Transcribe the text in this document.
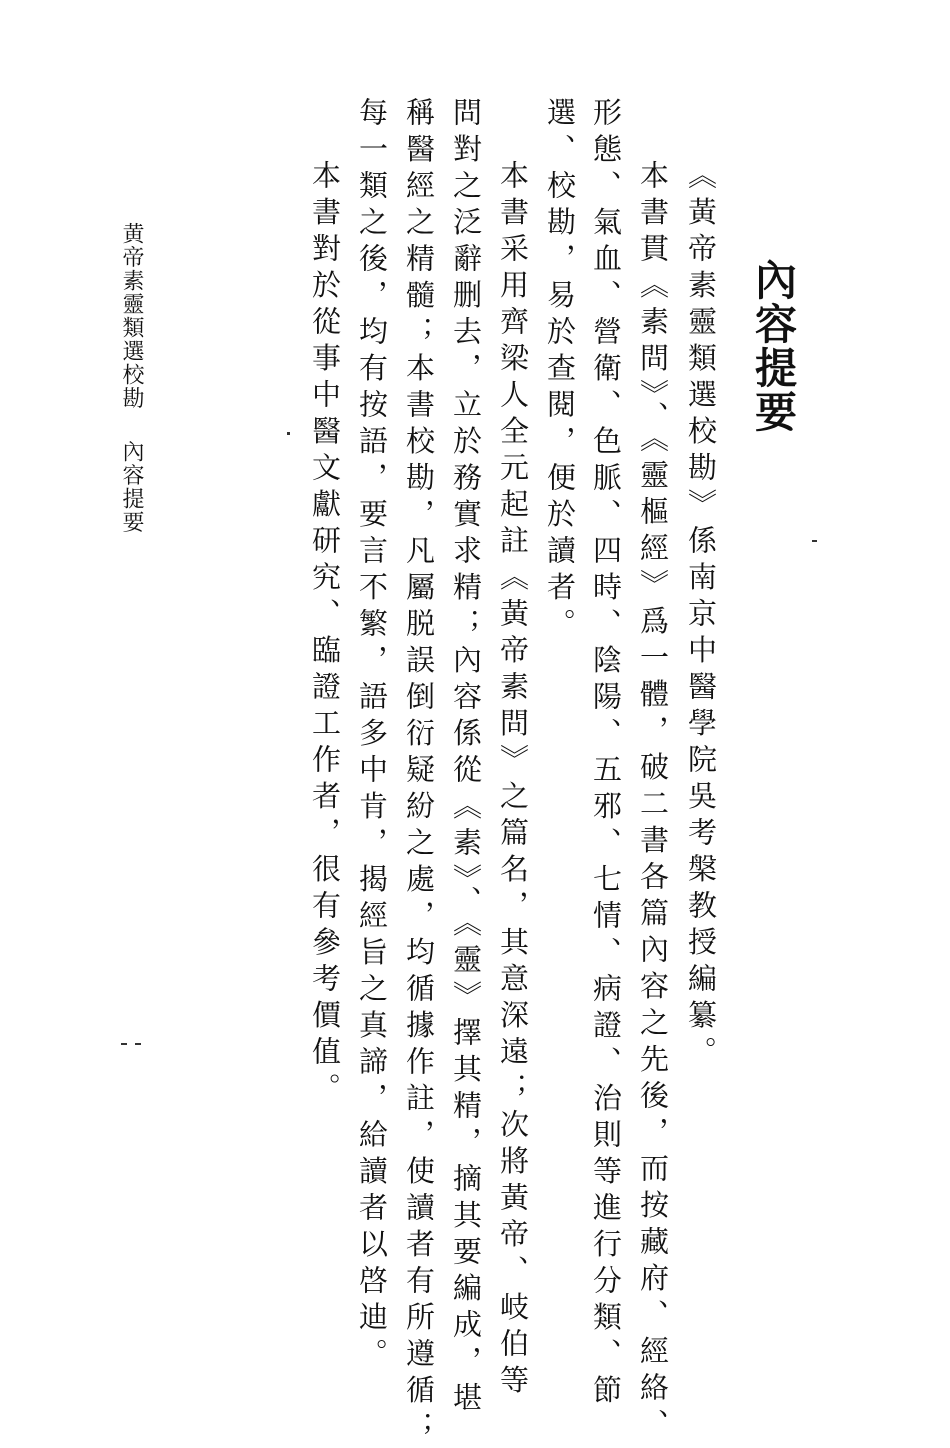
內容提要
《黃帝素靈類選校勘》係南京中醫學院吳考槃教授編纂。
本書貫《素問》、《靈樞經》爲一體，破二書各篇內容之先後，而按藏府、經絡、
形態、氣血、營衛、色脈、四時、陰陽、五邪、七情、病證、治則等進行分類、節
選、校勘，易於查閱，便於讀者。
本書采用齊梁人全元起註《黃帝素問》之篇名，其意深遠；次將黃帝、岐伯等
問對之泛辭删去，立於務實求精；內容係從《素》、《靈》擇其精，摘其要編成，堪
稱醫經之精髓；本書校勘，凡屬脱誤倒衍疑紛之處，均循據作註，使讀者有所遵循；
每一類之後，均有按語，要言不繁，語多中肯，揭經旨之真諦，給讀者以啓迪。
本書對於從事中醫文獻研究、臨證工作者，很有參考價值。
黄帝素靈類選校勘內容提要
